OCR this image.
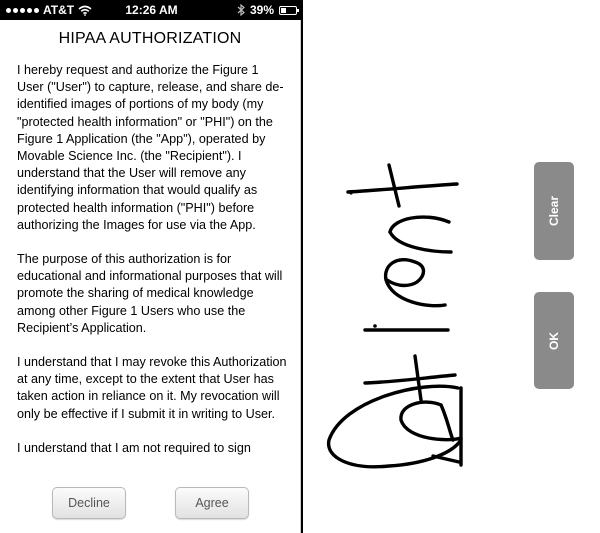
AT&T	12:26 AM	39%
HIPAA AUTHORIZATION

I hereby request and authorize the Figure 1 User ("User") to capture, release, and share de-identified images of portions of my body (my "protected health information" or "PHI") on the Figure 1 Application (the "App"), operated by Movable Science Inc. (the "Recipient"). I understand that the User will remove any identifying information that would qualify as protected health information ("PHI") before authorizing the Images for use via the App.

The purpose of this authorization is for educational and informational purposes that will promote the sharing of medical knowledge among other Figure 1 Users who use the Recipient’s Application.

I understand that I may revoke this Authorization at any time, except to the extent that User has taken action in reliance on it. My revocation will only be effective if I submit it in writing to User.

I understand that I am not required to sign

Decline	Agree
Clear
OK
